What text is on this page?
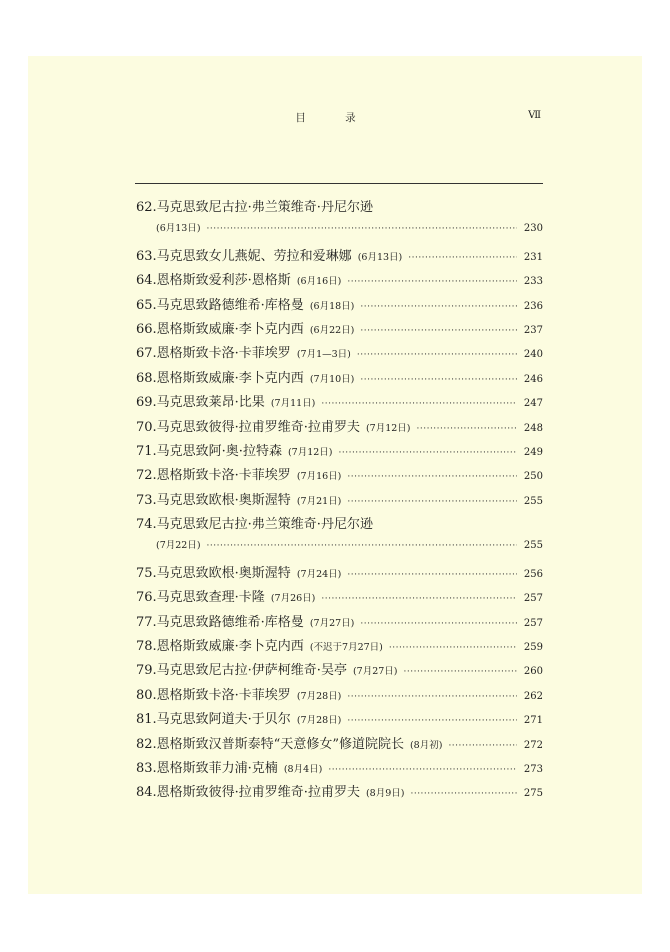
目 录	Ⅶ
62.马克思致尼古拉·弗兰策维奇·丹尼尔逊
(6月13日) ·····	230
63.马克思致女儿燕妮、劳拉和爱琳娜 (6月13日) ·····	231
64.恩格斯致爱利莎·恩格斯 (6月16日) ·····	233
65.马克思致路德维希·库格曼 (6月18日) ·····	236
66.恩格斯致威廉·李卜克内西 (6月22日) ·····	237
67.恩格斯致卡洛·卡菲埃罗 (7月1—3日) ·····	240
68.恩格斯致威廉·李卜克内西 (7月10日) ·····	246
69.马克思致莱昂·比果 (7月11日) ·····	247
70.马克思致彼得·拉甫罗维奇·拉甫罗夫 (7月12日) ·····	248
71.马克思致阿·奥·拉特森 (7月12日) ·····	249
72.恩格斯致卡洛·卡菲埃罗 (7月16日) ·····	250
73.马克思致欧根·奥斯渥特 (7月21日) ·····	255
74.马克思致尼古拉·弗兰策维奇·丹尼尔逊
(7月22日) ·····	255
75.马克思致欧根·奥斯渥特 (7月24日) ·····	256
76.马克思致查理·卡隆 (7月26日) ·····	257
77.马克思致路德维希·库格曼 (7月27日) ·····	257
78.恩格斯致威廉·李卜克内西 (不迟于7月27日) ·····	259
79.马克思致尼古拉·伊萨柯维奇·吴亭 (7月27日) ·····	260
80.恩格斯致卡洛·卡菲埃罗 (7月28日) ·····	262
81.马克思致阿道夫·于贝尔 (7月28日) ·····	271
82.恩格斯致汉普斯泰特“天意修女”修道院院长 (8月初) ·····	272
83.恩格斯致菲力浦·克楠 (8月4日) ·····	273
84.恩格斯致彼得·拉甫罗维奇·拉甫罗夫 (8月9日) ·····	275
